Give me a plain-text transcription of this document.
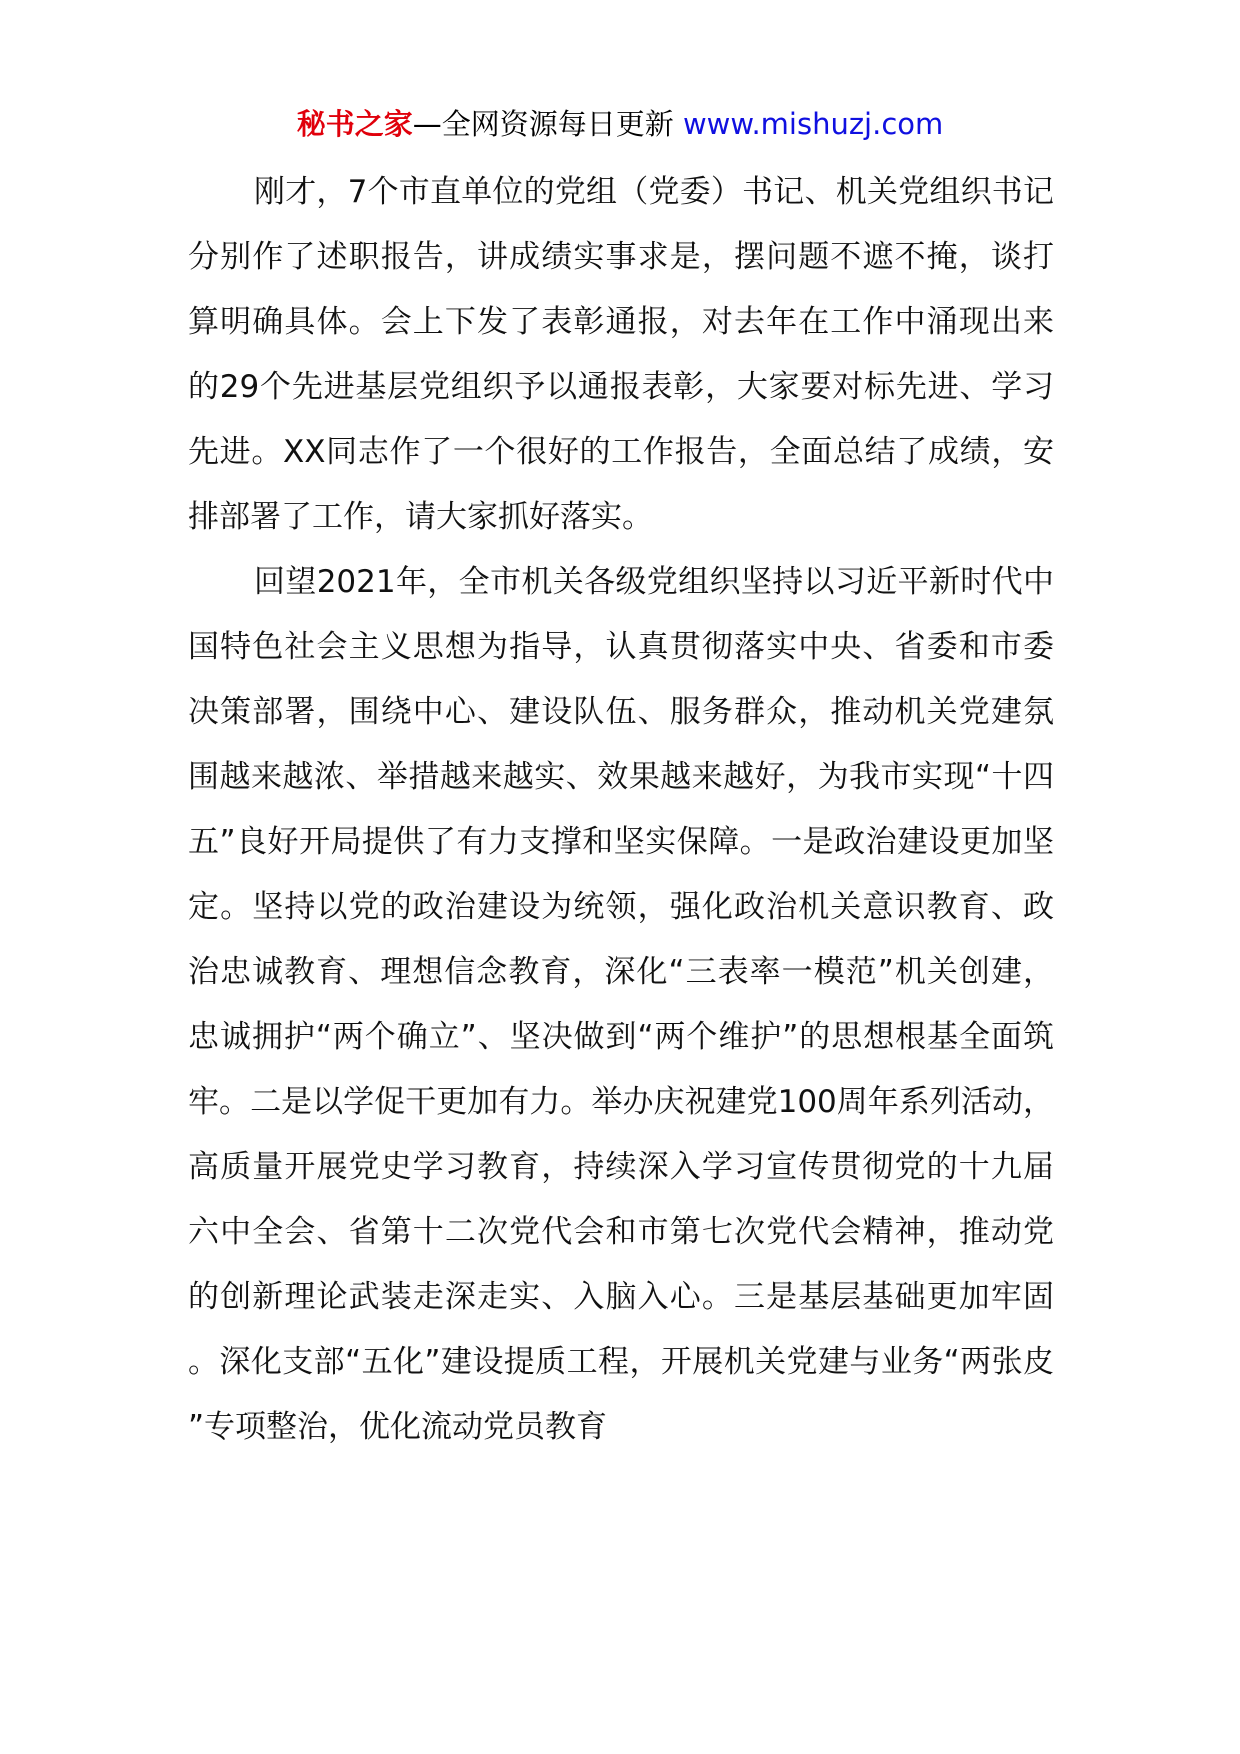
秘书之家—全网资源每日更新 www.mishuzj.com

刚才，7个市直单位的党组（党委）书记、机关党组织书记分别作了述职报告，讲成绩实事求是，摆问题不遮不掩，谈打算明确具体。会上下发了表彰通报，对去年在工作中涌现出来的29个先进基层党组织予以通报表彰，大家要对标先进、学习先进。XX同志作了一个很好的工作报告，全面总结了成绩，安排部署了工作，请大家抓好落实。

回望2021年，全市机关各级党组织坚持以习近平新时代中国特色社会主义思想为指导，认真贯彻落实中央、省委和市委决策部署，围绕中心、建设队伍、服务群众，推动机关党建氛围越来越浓、举措越来越实、效果越来越好，为我市实现“十四五”良好开局提供了有力支撑和坚实保障。一是政治建设更加坚定。坚持以党的政治建设为统领，强化政治机关意识教育、政治忠诚教育、理想信念教育，深化“三表率一模范”机关创建，忠诚拥护“两个确立”、坚决做到“两个维护”的思想根基全面筑牢。二是以学促干更加有力。举办庆祝建党100周年系列活动，高质量开展党史学习教育，持续深入学习宣传贯彻党的十九届六中全会、省第十二次党代会和市第七次党代会精神，推动党的创新理论武装走深走实、入脑入心。三是基层基础更加牢固。深化支部“五化”建设提质工程，开展机关党建与业务“两张皮”专项整治，优化流动党员教育
